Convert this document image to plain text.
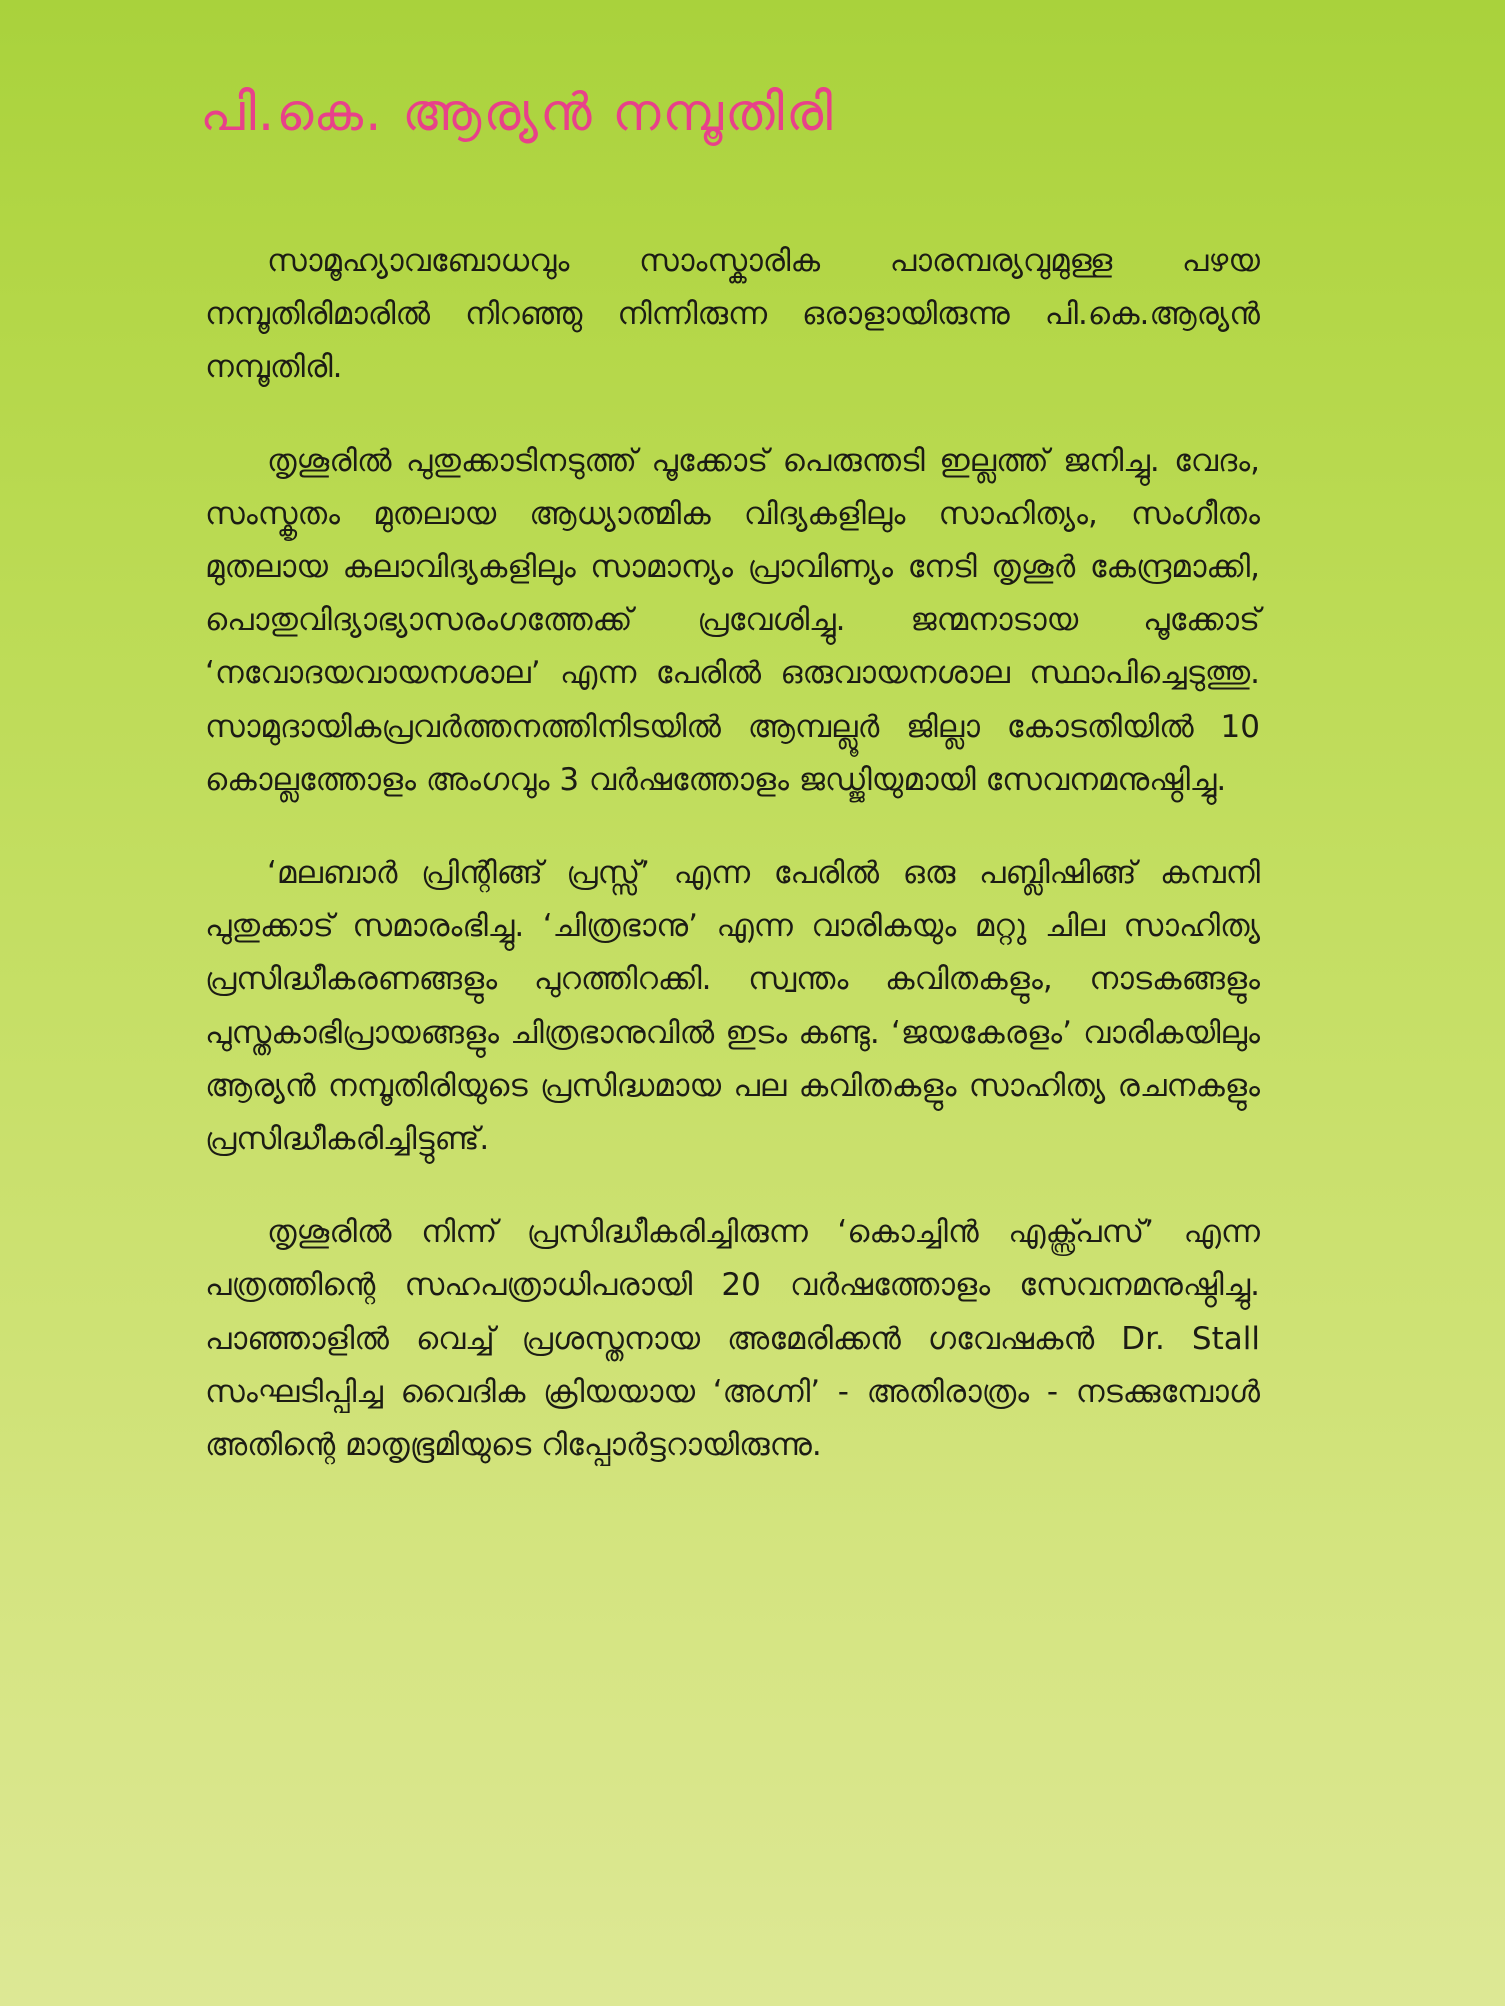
പി.കെ. ആര്യൻ നമ്പൂതിരി

സാമൂഹ്യാവബോധവും സാംസ്കാരിക പാരമ്പര്യവുമുള്ള പഴയ നമ്പൂതിരിമാരിൽ നിറഞ്ഞു നിന്നിരുന്ന ഒരാളായിരുന്നു പി.കെ.ആര്യൻ നമ്പൂതിരി.

തൃശൂരിൽ പുതുക്കാടിനടുത്ത് പൂക്കോട് പെരുന്തടി ഇല്ലത്ത് ജനിച്ചു. വേദം, സംസ്കൃതം മുതലായ ആധ്യാത്മിക വിദ്യകളിലും സാഹിത്യം, സംഗീതം മുതലായ കലാവിദ്യകളിലും സാമാന്യം പ്രാവിണ്യം നേടി തൃശൂർ കേന്ദ്രമാക്കി, പൊതുവിദ്യാഭ്യാസരംഗത്തേക്ക് പ്രവേശിച്ചു. ജന്മനാടായ പൂക്കോട് ‘നവോദയവായനശാല’ എന്ന പേരിൽ ഒരുവായനശാല സ്ഥാപിച്ചെടുത്തു. സാമുദായികപ്രവർത്തനത്തിനിടയിൽ ആമ്പല്ലൂർ ജില്ലാ കോടതിയിൽ 10 കൊല്ലത്തോളം അംഗവും 3 വർഷത്തോളം ജഡ്ജിയുമായി സേവനമനുഷ്ഠിച്ചു.

‘മലബാർ പ്രിന്റിങ്ങ് പ്രസ്സ്’ എന്ന പേരിൽ ഒരു പബ്ലിഷിങ്ങ് കമ്പനി പുതുക്കാട് സമാരംഭിച്ചു. ‘ചിത്രഭാനു’ എന്ന വാരികയും മറ്റു ചില സാഹിത്യ പ്രസിദ്ധീകരണങ്ങളും പുറത്തിറക്കി. സ്വന്തം കവിതകളും, നാടകങ്ങളും പുസ്തകാഭിപ്രായങ്ങളും ചിത്രഭാനുവിൽ ഇടം കണ്ടു. ‘ജയകേരളം’ വാരികയിലും ആര്യൻ നമ്പൂതിരിയുടെ പ്രസിദ്ധമായ പല കവിതകളും സാഹിത്യ രചനകളും പ്രസിദ്ധീകരിച്ചിട്ടുണ്ട്.

തൃശൂരിൽ നിന്ന് പ്രസിദ്ധീകരിച്ചിരുന്ന ‘കൊച്ചിൻ എക്സ്പ്രസ്’ എന്ന പത്രത്തിന്റെ സഹപത്രാധിപരായി 20 വർഷത്തോളം സേവനമനുഷ്ഠിച്ചു. പാഞ്ഞാളിൽ വെച്ച് പ്രശസ്തനായ അമേരിക്കൻ ഗവേഷകൻ Dr. Stall സംഘടിപ്പിച്ച വൈദിക ക്രിയയായ ‘അഗ്നി’ - അതിരാത്രം - നടക്കുമ്പോൾ അതിന്റെ മാതൃഭൂമിയുടെ റിപ്പോർട്ടറായിരുന്നു.
